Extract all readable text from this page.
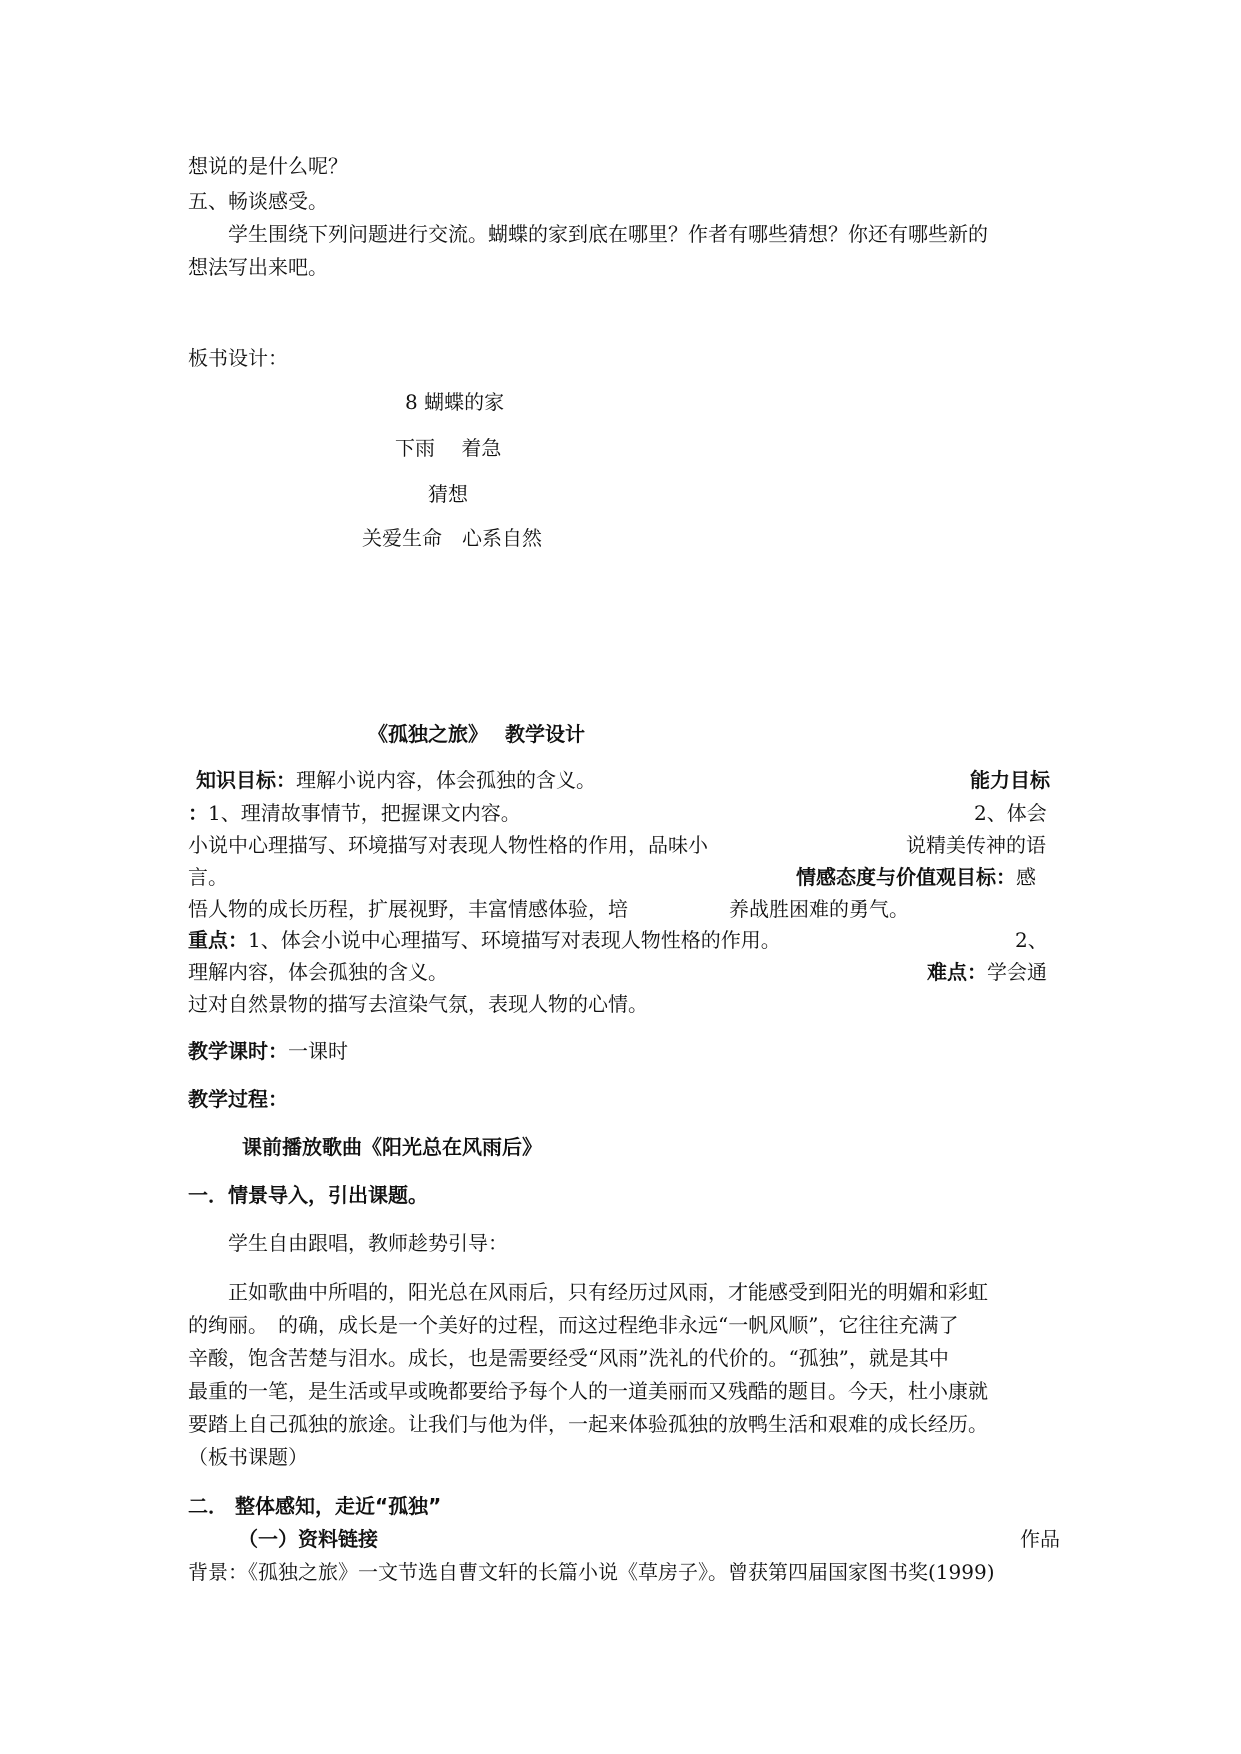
想说的是什么呢？
五、畅谈感受。
学生围绕下列问题进行交流。蝴蝶的家到底在哪里？作者有哪些猜想？你还有哪些新的
想法写出来吧。
板书设计：
8 蝴蝶的家
下雨　 着急
猜想
关爱生命　心系自然
《孤独之旅》　 教学设计
知识目标：理解小说内容，体会孤独的含义。	能力目标
：1、理清故事情节，把握课文内容。	2、体会
小说中心理描写、环境描写对表现人物性格的作用，品味小	说精美传神的语
言。	情感态度与价值观目标：感
悟人物的成长历程，扩展视野，丰富情感体验，培	养战胜困难的勇气。
重点：1、体会小说中心理描写、环境描写对表现人物性格的作用。	2、
理解内容，体会孤独的含义。	难点：学会通
过对自然景物的描写去渲染气氛，表现人物的心情。
教学课时：一课时
教学过程：
课前播放歌曲《阳光总在风雨后》
一．情景导入，引出课题。
学生自由跟唱，教师趁势引导：
正如歌曲中所唱的，阳光总在风雨后，只有经历过风雨，才能感受到阳光的明媚和彩虹
的绚丽。　的确，成长是一个美好的过程，而这过程绝非永远“一帆风顺”，它往往充满了
辛酸，饱含苦楚与泪水。成长，也是需要经受“风雨”洗礼的代价的。“孤独”，就是其中
最重的一笔，是生活或早或晚都要给予每个人的一道美丽而又残酷的题目。今天，杜小康就
要踏上自己孤独的旅途。让我们与他为伴，一起来体验孤独的放鸭生活和艰难的成长经历。
（板书课题）
二． 整体感知，走近“孤独”
（一）资料链接	作品
背景：《孤独之旅》一文节选自曹文轩的长篇小说《草房子》。曾获第四届国家图书奖(1999)
